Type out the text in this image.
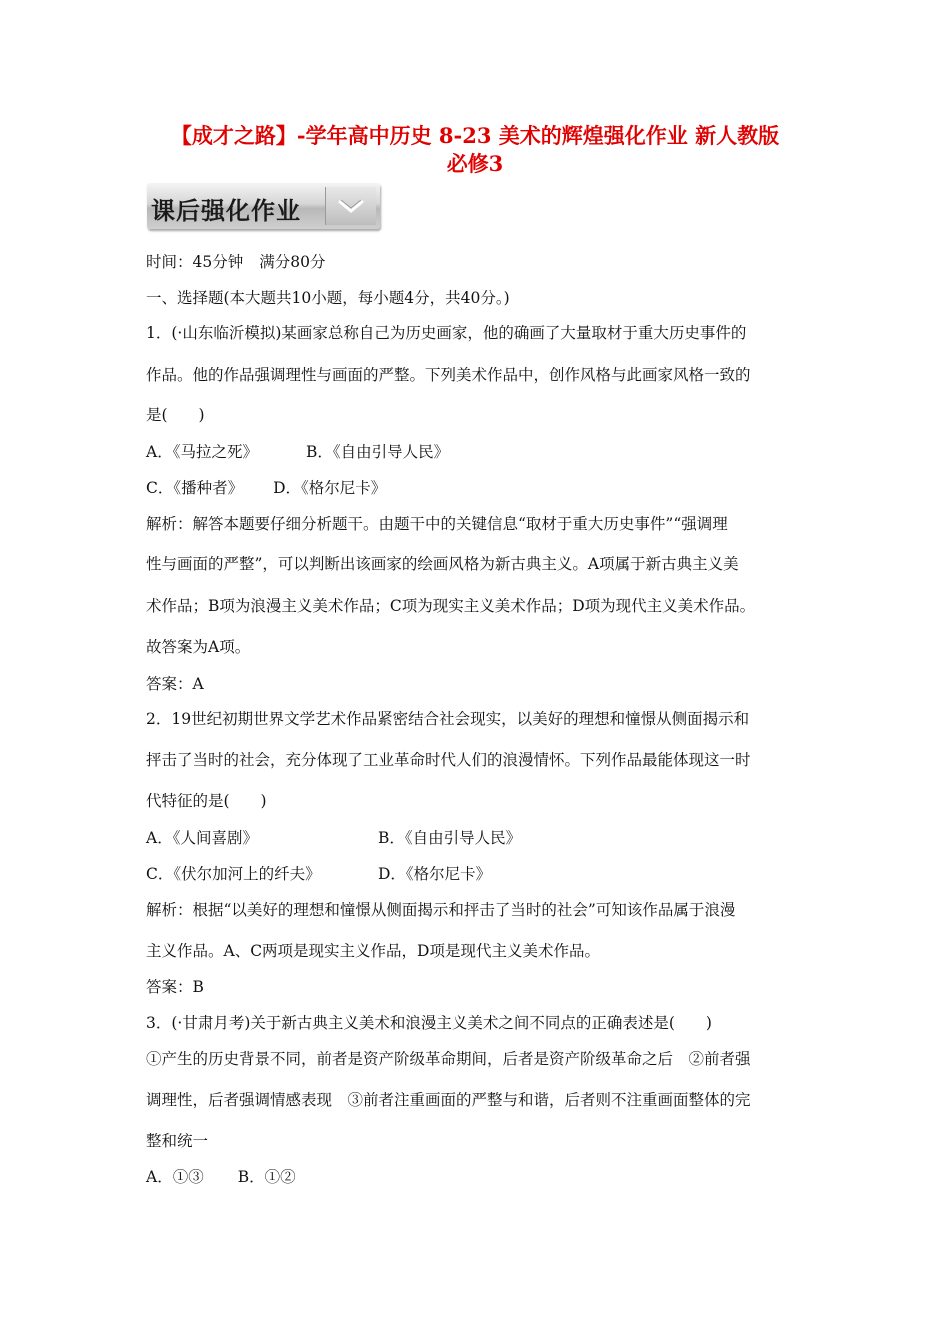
【成才之路】-学年高中历史 8-23 美术的辉煌强化作业 新人教版
必修3
课后强化作业
时间：45分钟 满分80分
一、选择题(本大题共10小题，每小题4分，共40分。)
1．(·山东临沂模拟)某画家总称自己为历史画家，他的确画了大量取材于重大历史事件的
作品。他的作品强调理性与画面的严整。下列美术作品中，创作风格与此画家风格一致的
是(　　)
A．《马拉之死》	B．《自由引导人民》
C．《播种者》 D．《格尔尼卡》
解析：解答本题要仔细分析题干。由题干中的关键信息“取材于重大历史事件”“强调理
性与画面的严整”，可以判断出该画家的绘画风格为新古典主义。A项属于新古典主义美
术作品；B项为浪漫主义美术作品；C项为现实主义美术作品；D项为现代主义美术作品。
故答案为A项。
答案：A
2．19世纪初期世界文学艺术作品紧密结合社会现实，以美好的理想和憧憬从侧面揭示和
抨击了当时的社会，充分体现了工业革命时代人们的浪漫情怀。下列作品最能体现这一时
代特征的是(　　)
A．《人间喜剧》	B．《自由引导人民》
C．《伏尔加河上的纤夫》	D．《格尔尼卡》
解析：根据“以美好的理想和憧憬从侧面揭示和抨击了当时的社会”可知该作品属于浪漫
主义作品。A、C两项是现实主义作品，D项是现代主义美术作品。
答案：B
3．(·甘肃月考)关于新古典主义美术和浪漫主义美术之间不同点的正确表述是(　　)
①产生的历史背景不同，前者是资产阶级革命期间，后者是资产阶级革命之后　②前者强
调理性，后者强调情感表现　③前者注重画面的严整与和谐，后者则不注重画面整体的完
整和统一
A．①③ B．①②
